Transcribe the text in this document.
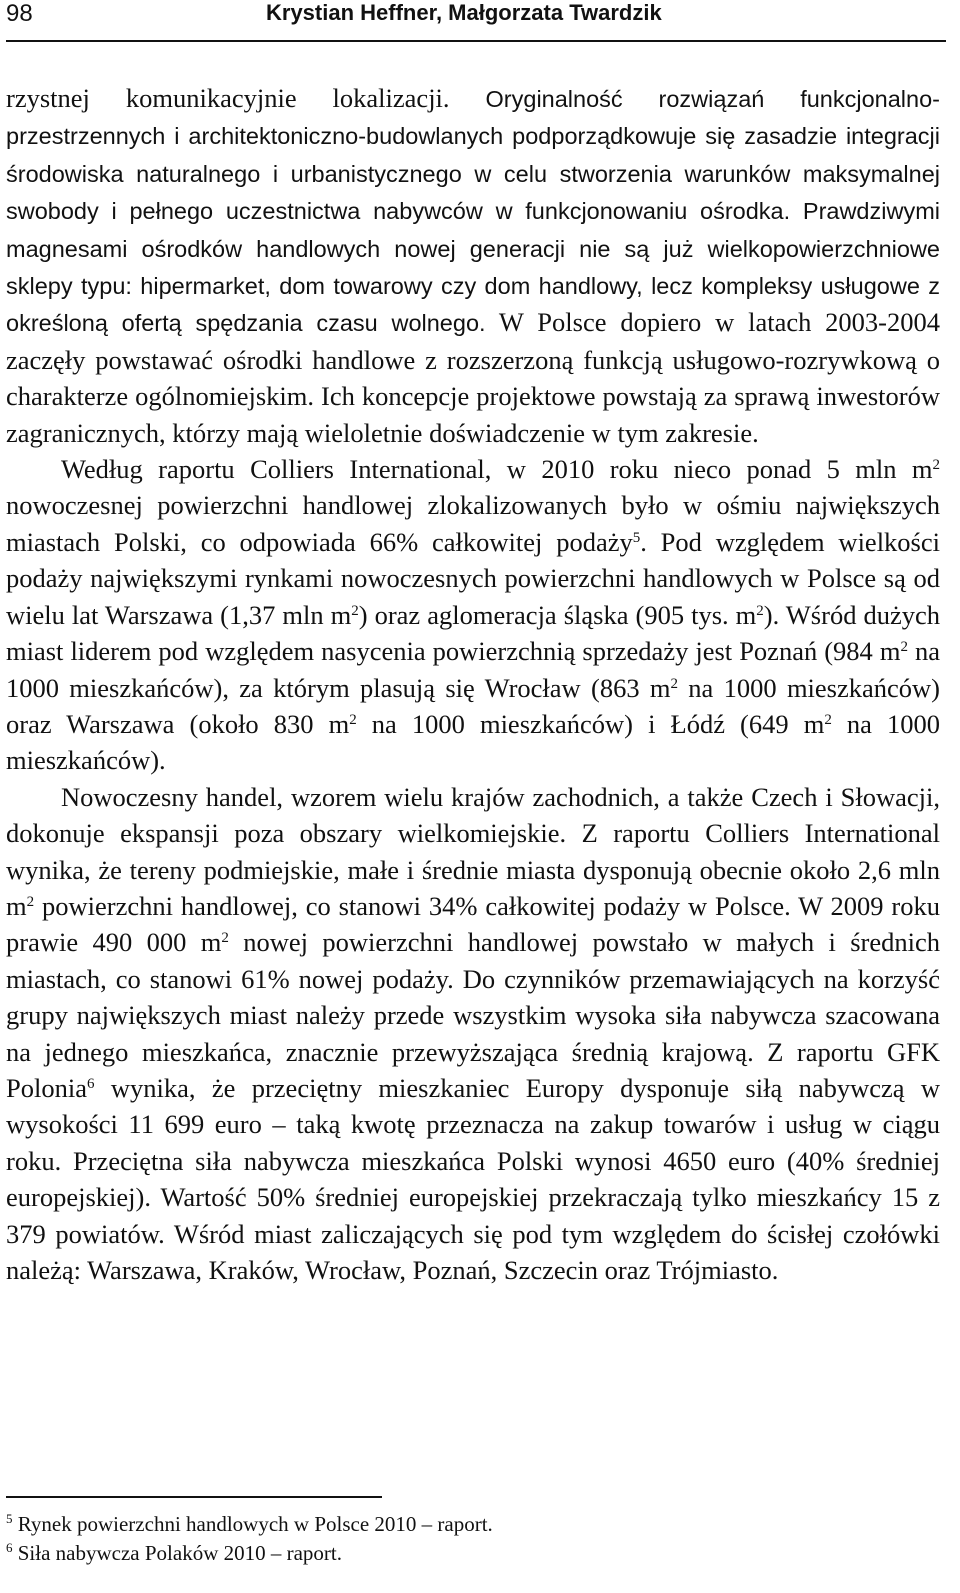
98	Krystian Heffner, Małgorzata Twardzik

rzystnej komunikacyjnie lokalizacji. Oryginalność rozwiązań funkcjonalno-przestrzennych i architektoniczno-budowlanych podporządkowuje się zasadzie integracji środowiska naturalnego i urbanistycznego w celu stworzenia warunków maksymalnej swobody i pełnego uczestnictwa nabywców w funkcjonowaniu ośrodka. Prawdziwymi magnesami ośrodków handlowych nowej generacji nie są już wielkopowierzchniowe sklepy typu: hipermarket, dom towarowy czy dom handlowy, lecz kompleksy usługowe z określoną ofertą spędzania czasu wolnego. W Polsce dopiero w latach 2003-2004 zaczęły powstawać ośrodki handlowe z rozszerzoną funkcją usługowo-rozrywkową o charakterze ogólnomiejskim. Ich koncepcje projektowe powstają za sprawą inwestorów zagranicznych, którzy mają wieloletnie doświadczenie w tym zakresie.

Według raportu Colliers International, w 2010 roku nieco ponad 5 mln $m^2$ nowoczesnej powierzchni handlowej zlokalizowanych było w ośmiu największych miastach Polski, co odpowiada 66% całkowitej podaży$^5$. Pod względem wielkości podaży największymi rynkami nowoczesnych powierzchni handlowych w Polsce są od wielu lat Warszawa (1,37 mln $m^2$) oraz aglomeracja śląska (905 tys. $m^2$). Wśród dużych miast liderem pod względem nasycenia powierzchnią sprzedaży jest Poznań (984 $m^2$ na 1000 mieszkańców), za którym plasują się Wrocław (863 $m^2$ na 1000 mieszkańców) oraz Warszawa (około 830 $m^2$ na 1000 mieszkańców) i Łódź (649 $m^2$ na 1000 mieszkańców).

Nowoczesny handel, wzorem wielu krajów zachodnich, a także Czech i Słowacji, dokonuje ekspansji poza obszary wielkomiejskie. Z raportu Colliers International wynika, że tereny podmiejskie, małe i średnie miasta dysponują obecnie około 2,6 mln $m^2$ powierzchni handlowej, co stanowi 34% całkowitej podaży w Polsce. W 2009 roku prawie 490 000 $m^2$ nowej powierzchni handlowej powstało w małych i średnich miastach, co stanowi 61% nowej podaży. Do czynników przemawiających na korzyść grupy największych miast należy przede wszystkim wysoka siła nabywcza szacowana na jednego mieszkańca, znacznie przewyższająca średnią krajową. Z raportu GFK Polonia$^6$ wynika, że przeciętny mieszkaniec Europy dysponuje siłą nabywczą w wysokości 11 699 euro – taką kwotę przeznacza na zakup towarów i usług w ciągu roku. Przeciętna siła nabywcza mieszkańca Polski wynosi 4650 euro (40% średniej europejskiej). Wartość 50% średniej europejskiej przekraczają tylko mieszkańcy 15 z 379 powiatów. Wśród miast zaliczających się pod tym względem do ścisłej czołówki należą: Warszawa, Kraków, Wrocław, Poznań, Szczecin oraz Trójmiasto.

$^5$ Rynek powierzchni handlowych w Polsce 2010 – raport.

$^6$ Siła nabywcza Polaków 2010 – raport.
